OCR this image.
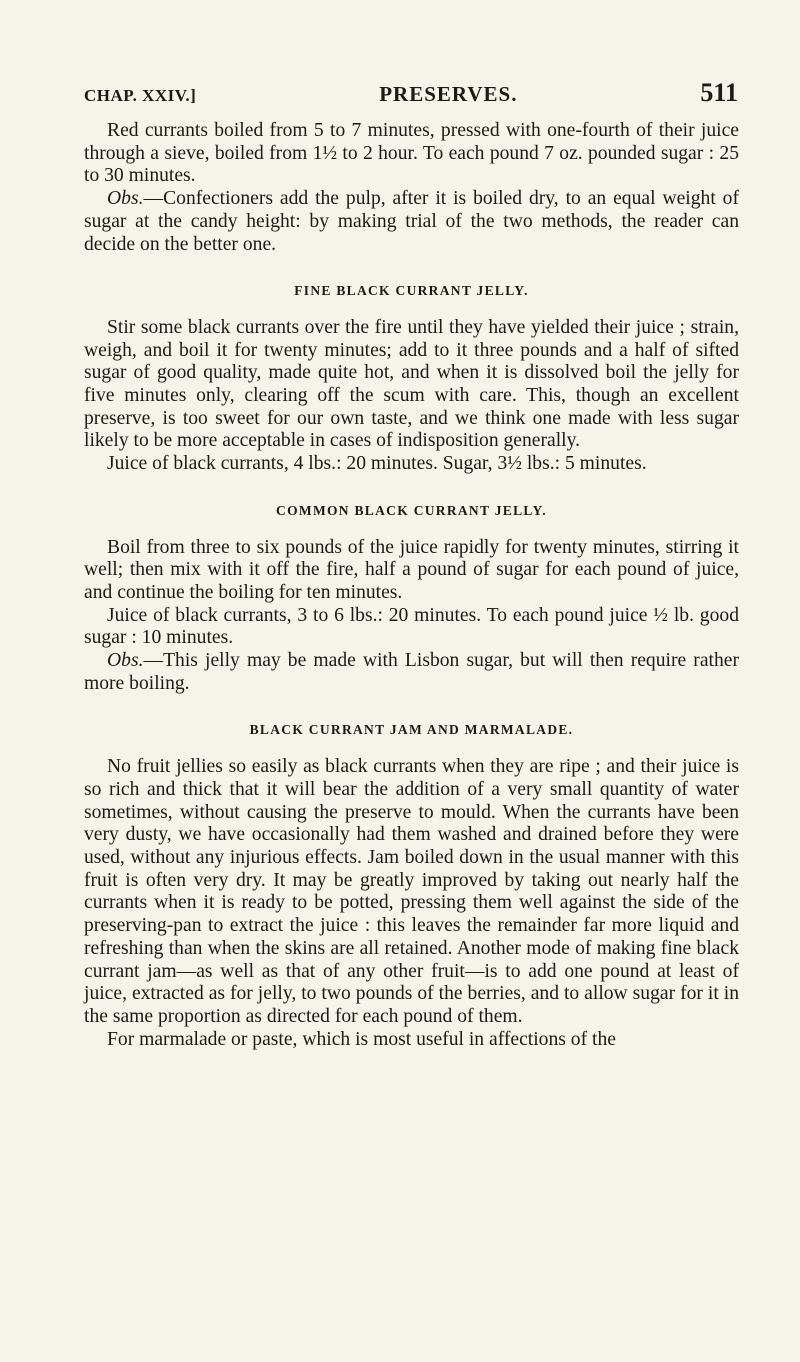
CHAP. XXIV.]	PRESERVES.	511

Red currants boiled from 5 to 7 minutes, pressed with one-fourth of their juice through a sieve, boiled from 1½ to 2 hour. To each pound 7 oz. pounded sugar : 25 to 30 minutes.

Obs.—Confectioners add the pulp, after it is boiled dry, to an equal weight of sugar at the candy height: by making trial of the two methods, the reader can decide on the better one.

FINE BLACK CURRANT JELLY.

Stir some black currants over the fire until they have yielded their juice ; strain, weigh, and boil it for twenty minutes; add to it three pounds and a half of sifted sugar of good quality, made quite hot, and when it is dissolved boil the jelly for five minutes only, clearing off the scum with care. This, though an excellent preserve, is too sweet for our own taste, and we think one made with less sugar likely to be more acceptable in cases of indisposition generally.

Juice of black currants, 4 lbs.: 20 minutes. Sugar, 3½ lbs.: 5 minutes.

COMMON BLACK CURRANT JELLY.

Boil from three to six pounds of the juice rapidly for twenty minutes, stirring it well; then mix with it off the fire, half a pound of sugar for each pound of juice, and continue the boiling for ten minutes.

Juice of black currants, 3 to 6 lbs.: 20 minutes. To each pound juice ½ lb. good sugar : 10 minutes.

Obs.—This jelly may be made with Lisbon sugar, but will then require rather more boiling.

BLACK CURRANT JAM AND MARMALADE.

No fruit jellies so easily as black currants when they are ripe ; and their juice is so rich and thick that it will bear the addition of a very small quantity of water sometimes, without causing the preserve to mould. When the currants have been very dusty, we have occasionally had them washed and drained before they were used, without any injurious effects. Jam boiled down in the usual manner with this fruit is often very dry. It may be greatly improved by taking out nearly half the currants when it is ready to be potted, pressing them well against the side of the preserving-pan to extract the juice : this leaves the remainder far more liquid and refreshing than when the skins are all retained. Another mode of making fine black currant jam—as well as that of any other fruit—is to add one pound at least of juice, extracted as for jelly, to two pounds of the berries, and to allow sugar for it in the same proportion as directed for each pound of them.

For marmalade or paste, which is most useful in affections of the
